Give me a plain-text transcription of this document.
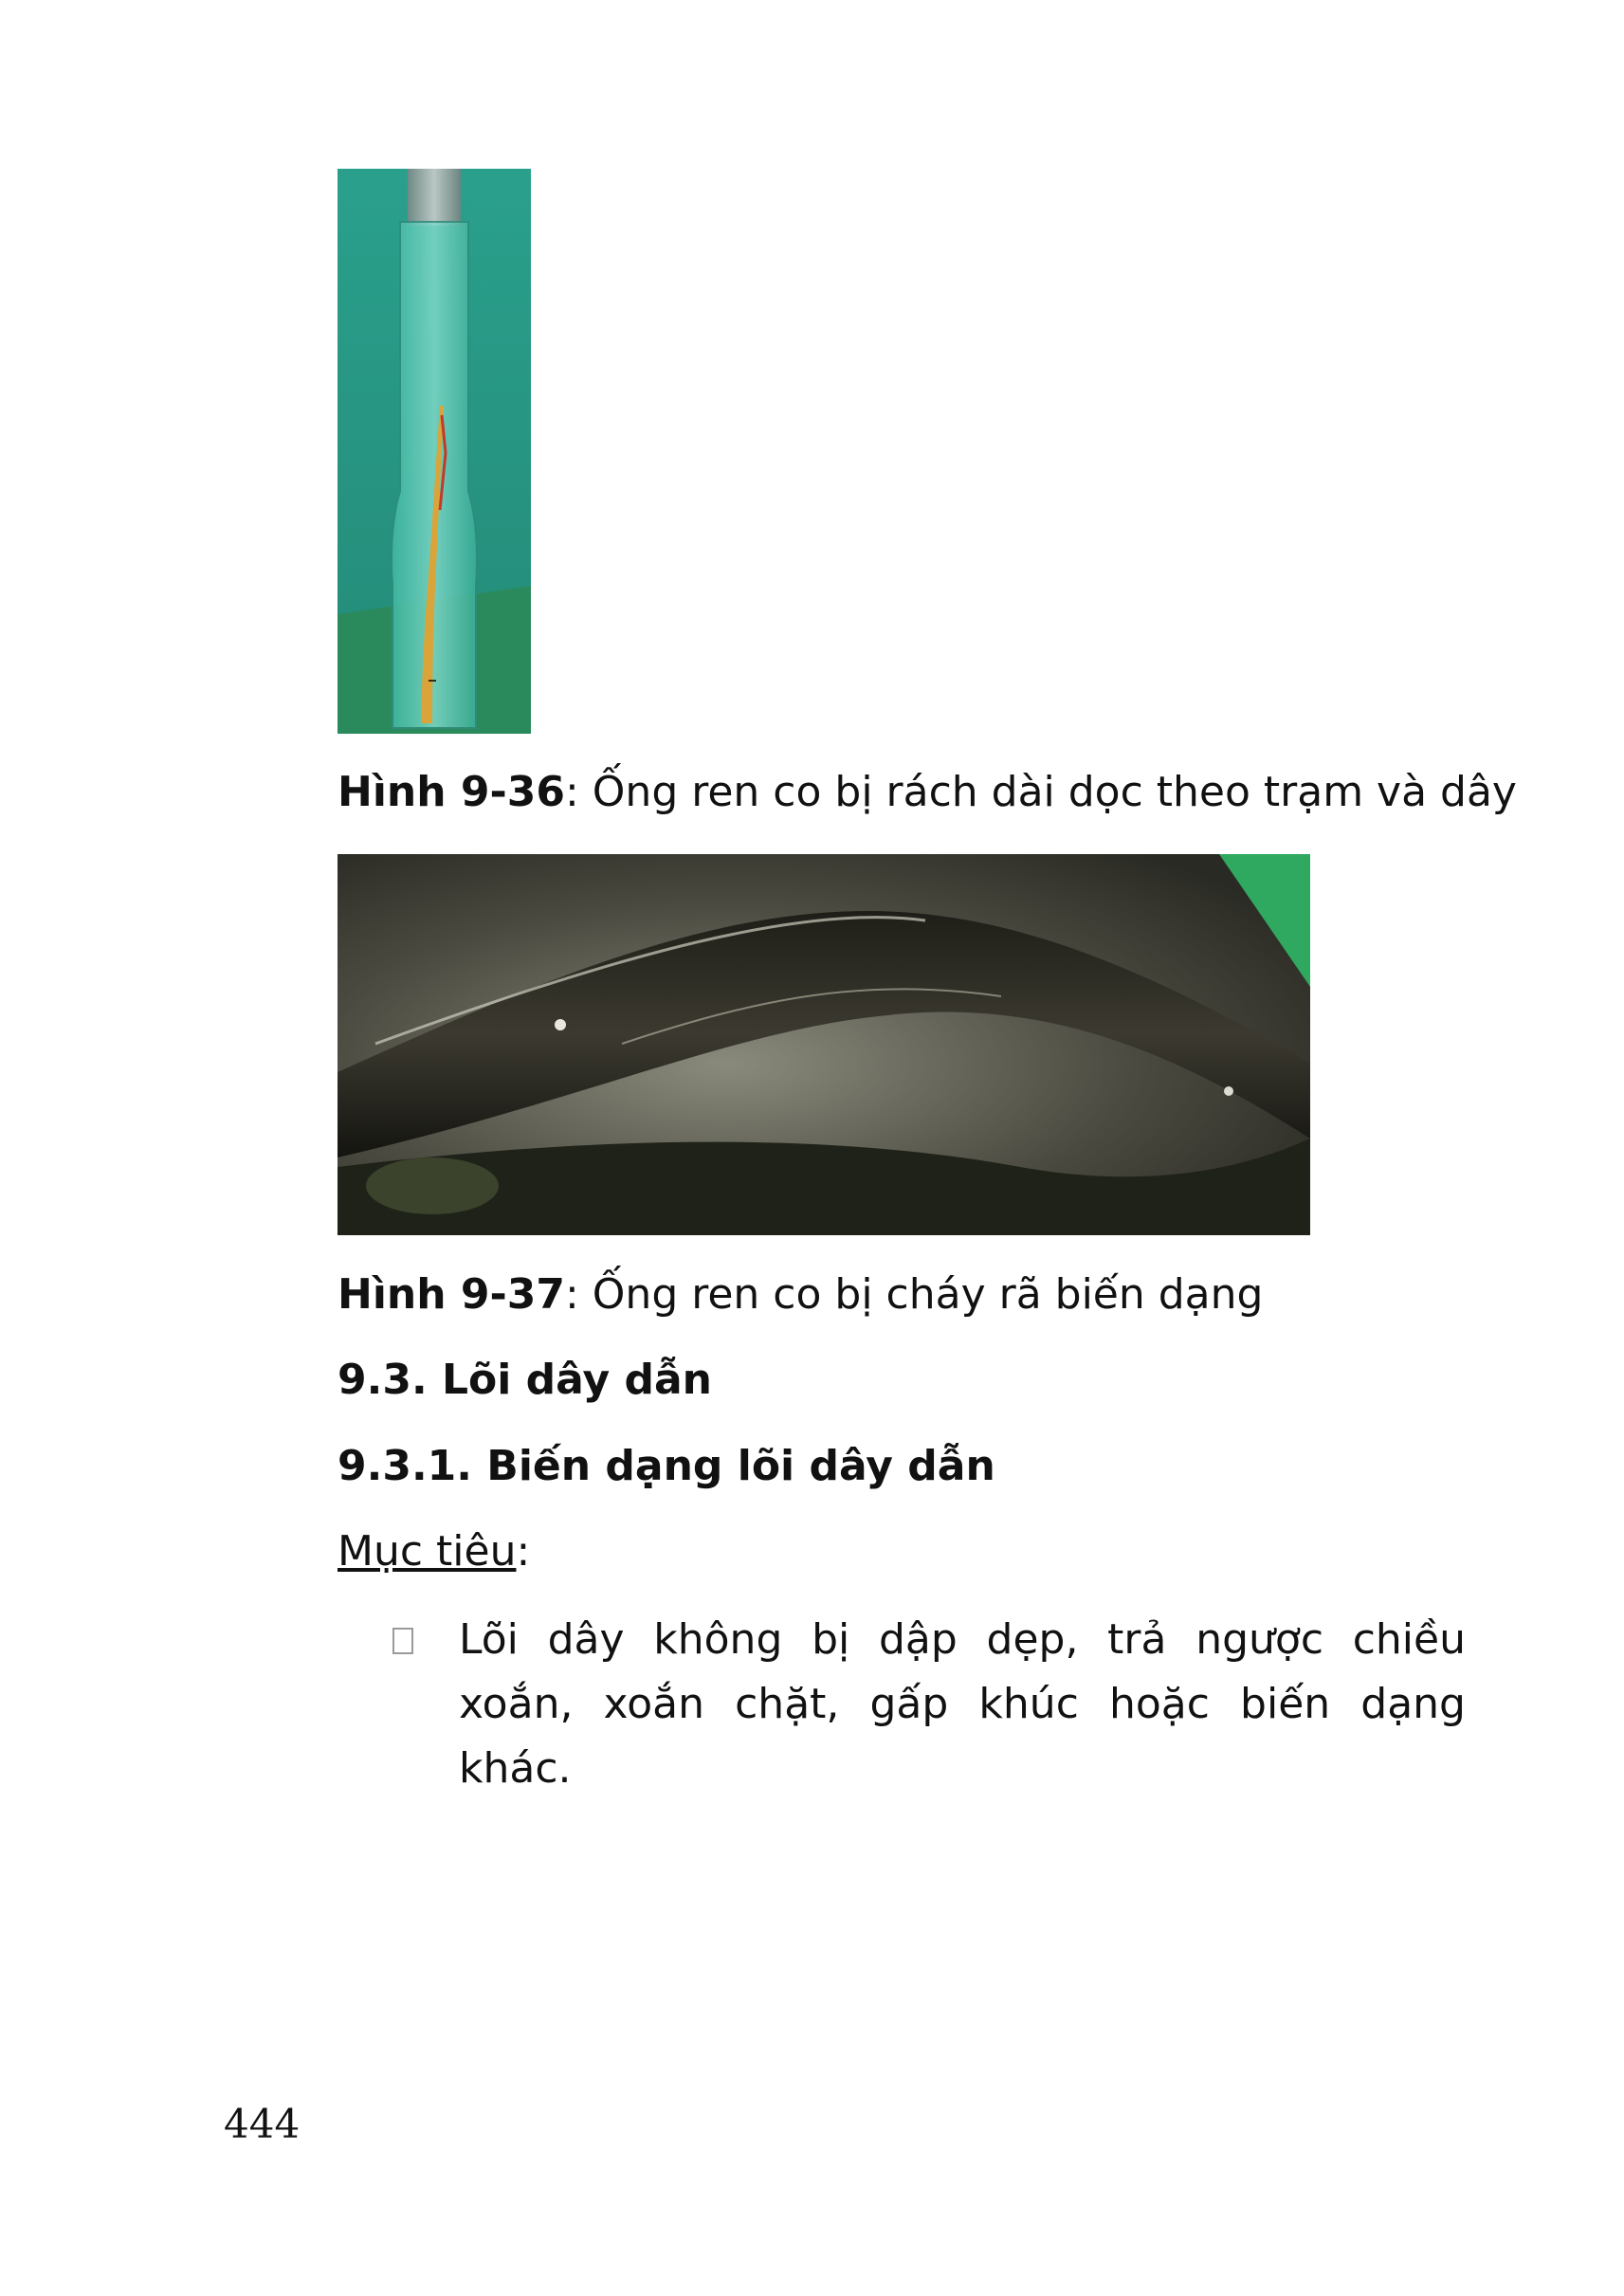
Hình 9-36: Ống ren co bị rách dài dọc theo trạm và dây
Hình 9-37: Ống ren co bị cháy rã biến dạng
9.3. Lõi dây dẫn
9.3.1. Biến dạng lõi dây dẫn
Mục tiêu:
Lõi dây không bị dập dẹp, trả ngược chiều xoắn, xoắn chặt, gấp khúc hoặc biến dạng khác.
444
